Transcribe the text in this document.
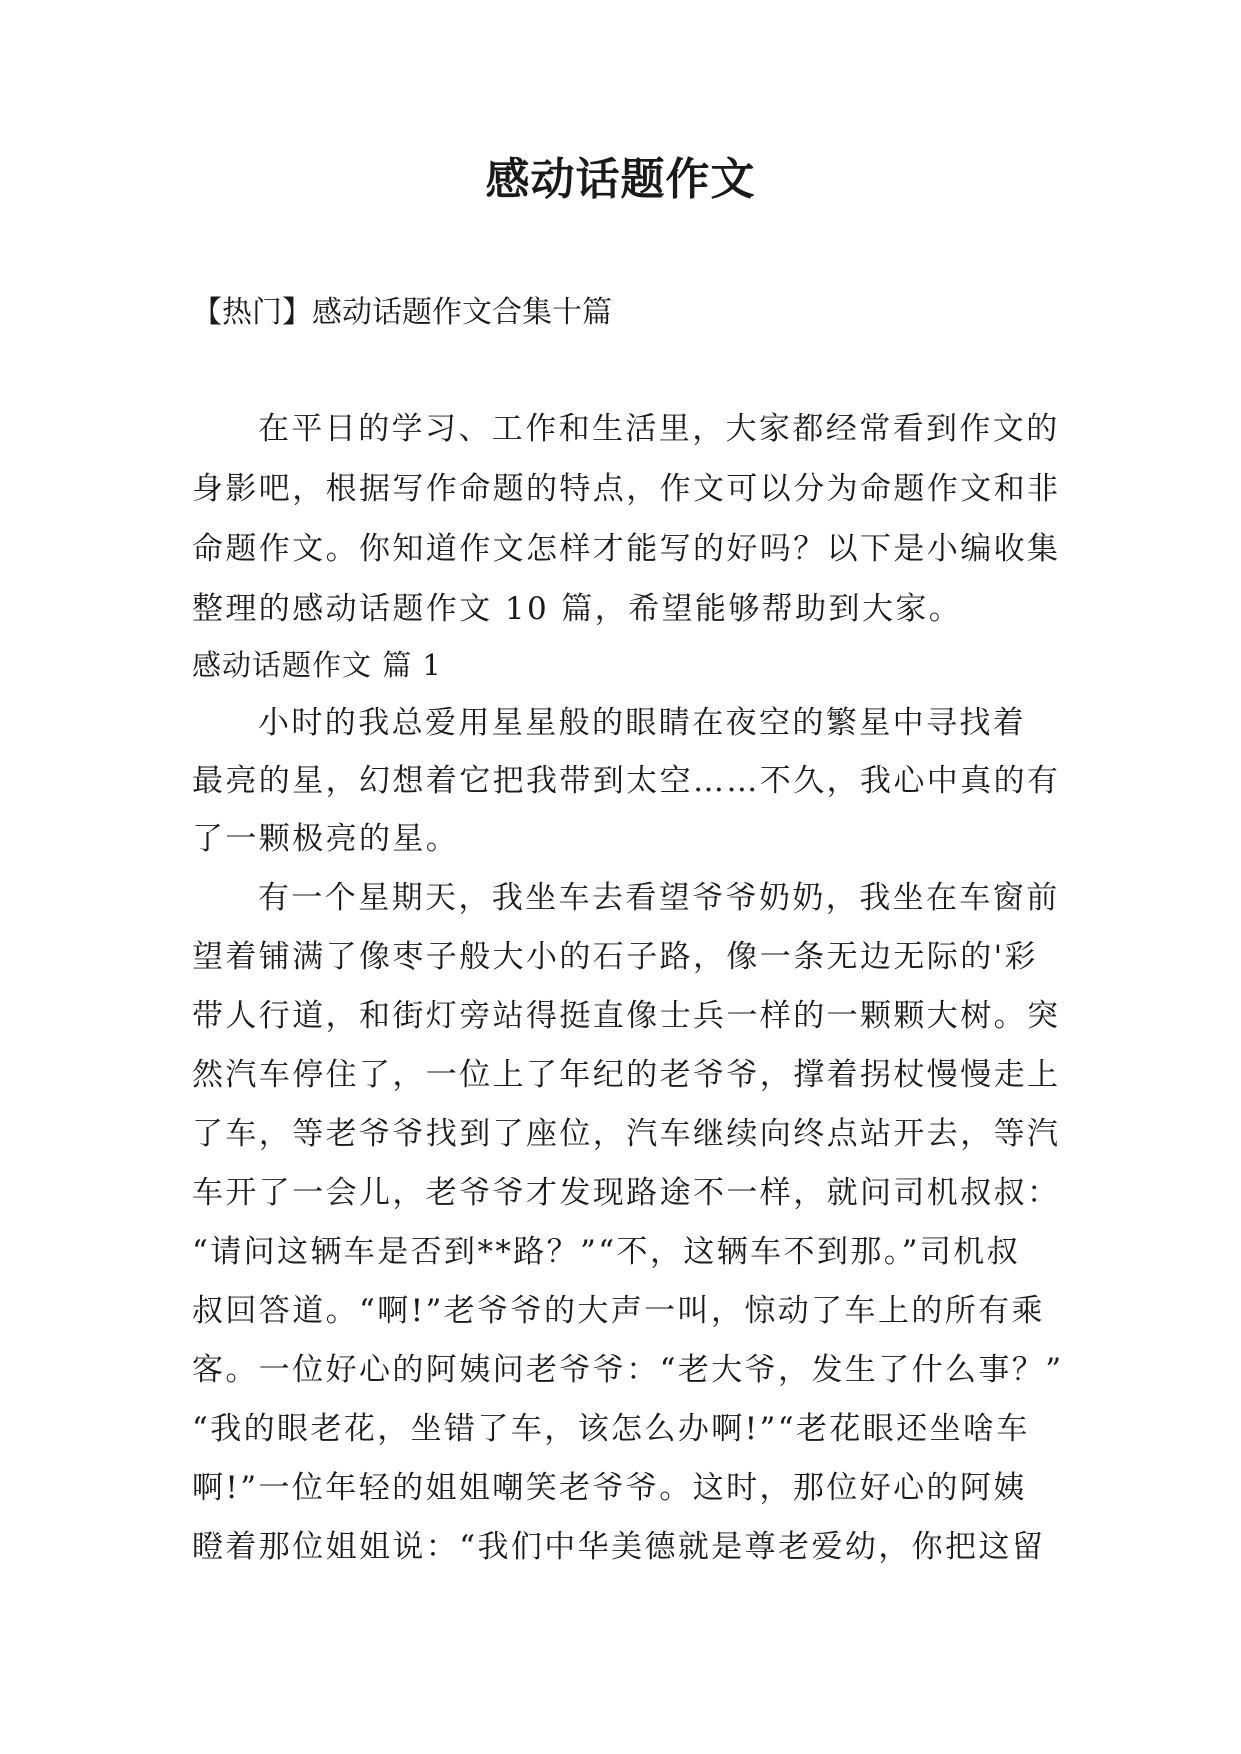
感动话题作文
【热门】感动话题作文合集十篇
在平日的学习、工作和生活里，大家都经常看到作文的
身影吧，根据写作命题的特点，作文可以分为命题作文和非
命题作文。你知道作文怎样才能写的好吗？以下是小编收集
整理的感动话题作文 10 篇，希望能够帮助到大家。
感动话题作文 篇 1
小时的我总爱用星星般的眼睛在夜空的繁星中寻找着
最亮的星，幻想着它把我带到太空……不久，我心中真的有
了一颗极亮的星。
有一个星期天，我坐车去看望爷爷奶奶，我坐在车窗前
望着铺满了像枣子般大小的石子路，像一条无边无际的'彩
带人行道，和街灯旁站得挺直像士兵一样的一颗颗大树。突
然汽车停住了，一位上了年纪的老爷爷，撑着拐杖慢慢走上
了车，等老爷爷找到了座位，汽车继续向终点站开去，等汽
车开了一会儿，老爷爷才发现路途不一样，就问司机叔叔：
“请问这辆车是否到**路？”“不，这辆车不到那。”司机叔
叔回答道。“啊!”老爷爷的大声一叫，惊动了车上的所有乘
客。一位好心的阿姨问老爷爷：“老大爷，发生了什么事？”
“我的眼老花，坐错了车，该怎么办啊!”“老花眼还坐啥车
啊!”一位年轻的姐姐嘲笑老爷爷。这时，那位好心的阿姨
瞪着那位姐姐说：“我们中华美德就是尊老爱幼，你把这留
